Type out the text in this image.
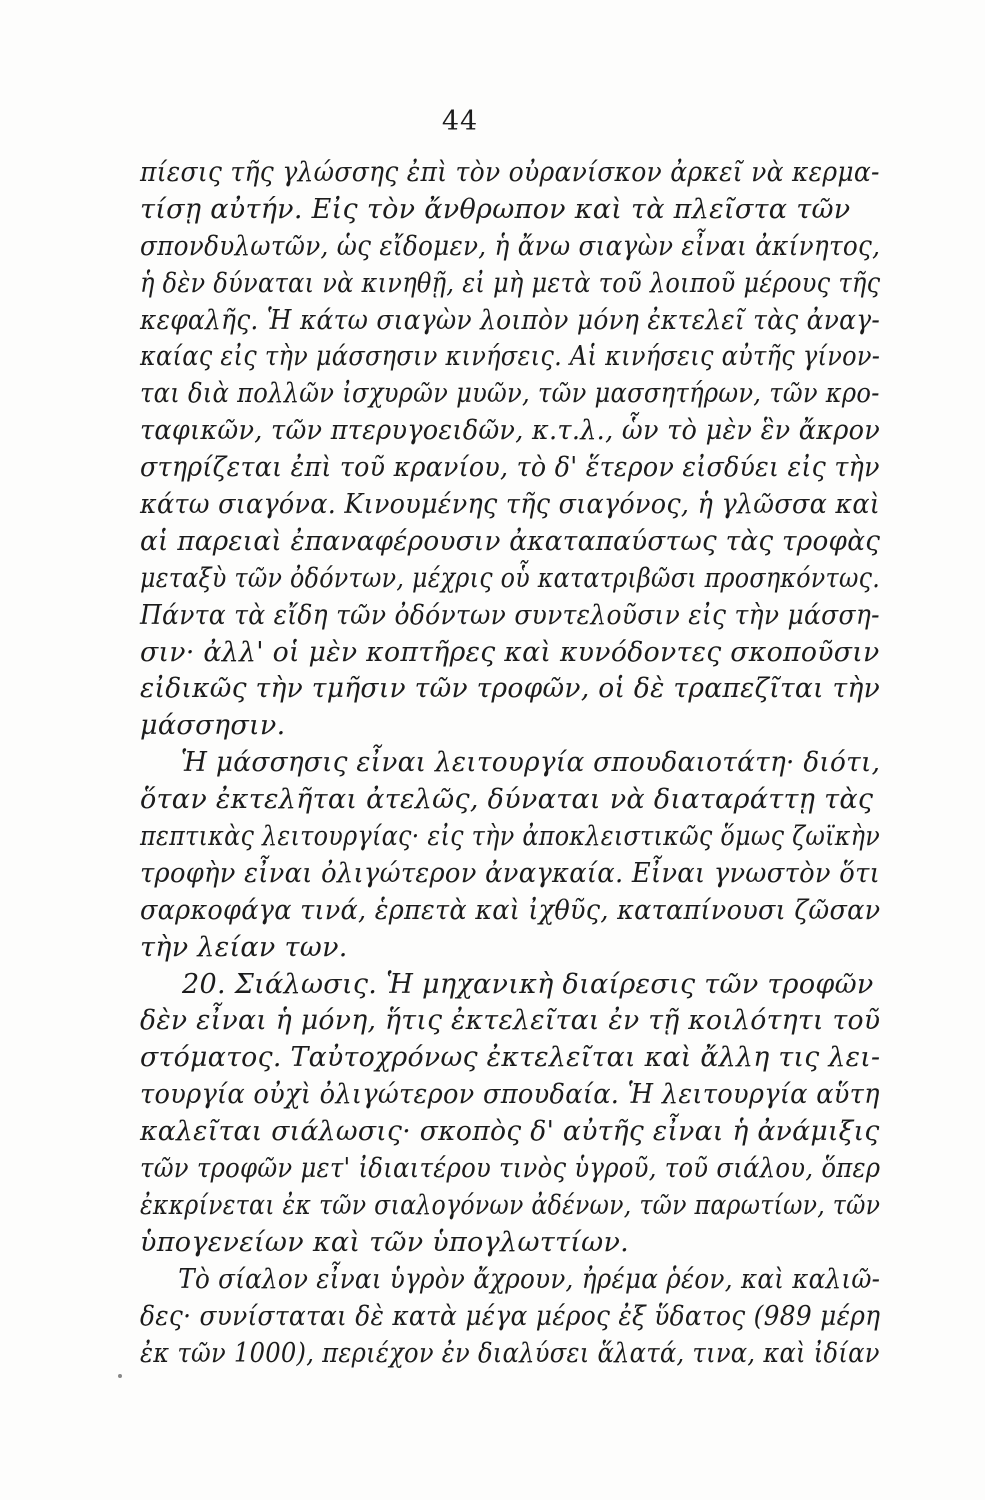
44
πίεσις τῆς γλώσσης ἐπὶ τὸν οὐρανίσκον ἀρκεῖ νὰ κερμα-
τίσῃ αὐτήν. Εἰς τὸν ἄνθρωπον καὶ τὰ πλεῖστα τῶν
σπονδυλωτῶν, ὡς εἴδομεν, ἡ ἄνω σιαγὼν εἶναι ἀκίνητος,
ἡ δὲν δύναται νὰ κινηθῇ, εἰ μὴ μετὰ τοῦ λοιποῦ μέρους τῆς
κεφαλῆς. Ἡ κάτω σιαγὼν λοιπὸν μόνη ἐκτελεῖ τὰς ἀναγ-
καίας εἰς τὴν μάσσησιν κινήσεις. Αἱ κινήσεις αὐτῆς γίνον-
ται διὰ πολλῶν ἰσχυρῶν μυῶν, τῶν μασσητήρων, τῶν κρο-
ταφικῶν, τῶν πτερυγοειδῶν, κ.τ.λ., ὧν τὸ μὲν ἓν ἄκρον
στηρίζεται ἐπὶ τοῦ κρανίου, τὸ δ' ἕτερον εἰσδύει εἰς τὴν
κάτω σιαγόνα. Κινουμένης τῆς σιαγόνος, ἡ γλῶσσα καὶ
αἱ παρειαὶ ἐπαναφέρουσιν ἀκαταπαύστως τὰς τροφὰς
μεταξὺ τῶν ὀδόντων, μέχρις οὗ κατατριβῶσι προσηκόντως.
Πάντα τὰ εἴδη τῶν ὀδόντων συντελοῦσιν εἰς τὴν μάσση-
σιν· ἀλλ' οἱ μὲν κοπτῆρες καὶ κυνόδοντες σκοποῦσιν
εἰδικῶς τὴν τμῆσιν τῶν τροφῶν, οἱ δὲ τραπεζῖται τὴν
μάσσησιν.
Ἡ μάσσησις εἶναι λειτουργία σπουδαιοτάτη· διότι,
ὅταν ἐκτελῆται ἀτελῶς, δύναται νὰ διαταράττῃ τὰς
πεπτικὰς λειτουργίας· εἰς τὴν ἀποκλειστικῶς ὅμως ζωϊκὴν
τροφὴν εἶναι ὀλιγώτερον ἀναγκαία. Εἶναι γνωστὸν ὅτι
σαρκοφάγα τινά, ἑρπετὰ καὶ ἰχθῦς, καταπίνουσι ζῶσαν
τὴν λείαν των.
20. Σιάλωσις. Ἡ μηχανικὴ διαίρεσις τῶν τροφῶν
δὲν εἶναι ἡ μόνη, ἥτις ἐκτελεῖται ἐν τῇ κοιλότητι τοῦ
στόματος. Ταὐτοχρόνως ἐκτελεῖται καὶ ἄλλη τις λει-
τουργία οὐχὶ ὀλιγώτερον σπουδαία. Ἡ λειτουργία αὕτη
καλεῖται σιάλωσις· σκοπὸς δ' αὐτῆς εἶναι ἡ ἀνάμιξις
τῶν τροφῶν μετ' ἰδιαιτέρου τινὸς ὑγροῦ, τοῦ σιάλου, ὅπερ
ἐκκρίνεται ἐκ τῶν σιαλογόνων ἀδένων, τῶν παρωτίων, τῶν
ὑπογενείων καὶ τῶν ὑπογλωττίων.
Τὸ σίαλον εἶναι ὑγρὸν ἄχρουν, ἠρέμα ῥέον, καὶ καλιῶ-
δες· συνίσταται δὲ κατὰ μέγα μέρος ἐξ ὕδατος (989 μέρη
ἐκ τῶν 1000), περιέχον ἐν διαλύσει ἅλατά, τινα, καὶ ἰδίαν
